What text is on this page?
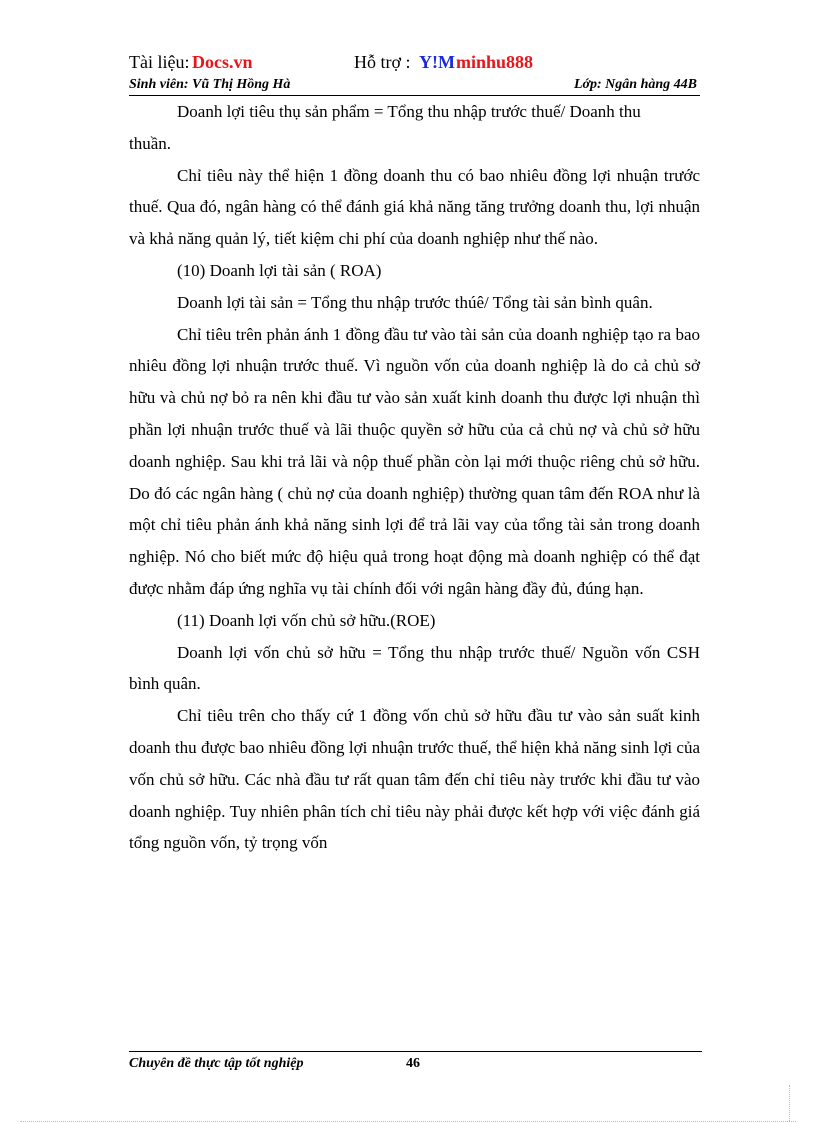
Tài liệu: Docs.vn	Hỗ trợ : Y!M minhu888
Sinh viên: Vũ Thị Hồng Hà	Lớp: Ngân hàng 44B

Doanh lợi tiêu thụ sản phẩm = Tổng thu nhập trước thuế/ Doanh thu

thuần.

Chỉ tiêu này thể hiện 1 đồng doanh thu có bao nhiêu đồng lợi nhuận trước thuế. Qua đó, ngân hàng có thể đánh giá khả năng tăng trưởng doanh thu, lợi nhuận và khả năng quản lý, tiết kiệm chi phí của doanh nghiệp như thế nào.

(10) Doanh lợi tài sản ( ROA)

Doanh lợi tài sản = Tổng thu nhập trước thúê/ Tổng tài sản bình quân.

Chỉ tiêu trên phản ánh 1 đồng đầu tư vào tài sản của doanh nghiệp tạo ra bao nhiêu đồng lợi nhuận trước thuế. Vì nguồn vốn của doanh nghiệp là do cả chủ sở hữu và chủ nợ bỏ ra nên khi đầu tư vào sản xuất kinh doanh thu được lợi nhuận thì phần lợi nhuận trước thuế và lãi thuộc quyền sở hữu của cả chủ nợ và chủ sở hữu doanh nghiệp. Sau khi trả lãi và nộp thuế phần còn lại mới thuộc riêng chủ sở hữu. Do đó các ngân hàng ( chủ nợ của doanh nghiệp) thường quan tâm đến ROA như là một chỉ tiêu phản ánh khả năng sinh lợi để trả lãi vay của tổng tài sản trong doanh nghiệp. Nó cho biết mức độ hiệu quả trong hoạt động mà doanh nghiệp có thể đạt được nhằm đáp ứng nghĩa vụ tài chính đối với ngân hàng đầy đủ, đúng hạn.

(11) Doanh lợi vốn chủ sở hữu.(ROE)

Doanh lợi vốn chủ sở hữu = Tổng thu nhập trước thuế/ Nguồn vốn CSH bình quân.

Chỉ tiêu trên cho thấy cứ 1 đồng vốn chủ sở hữu đầu tư vào sản suất kinh doanh thu được bao nhiêu đồng lợi nhuận trước thuế, thể hiện khả năng sinh lợi của vốn chủ sở hữu. Các nhà đầu tư rất quan tâm đến chỉ tiêu này trước khi đầu tư vào doanh nghiệp. Tuy nhiên phân tích chỉ tiêu này phải được kết hợp với việc đánh giá tổng nguồn vốn, tỷ trọng vốn

Chuyên đề thực tập tốt nghiệp	46
